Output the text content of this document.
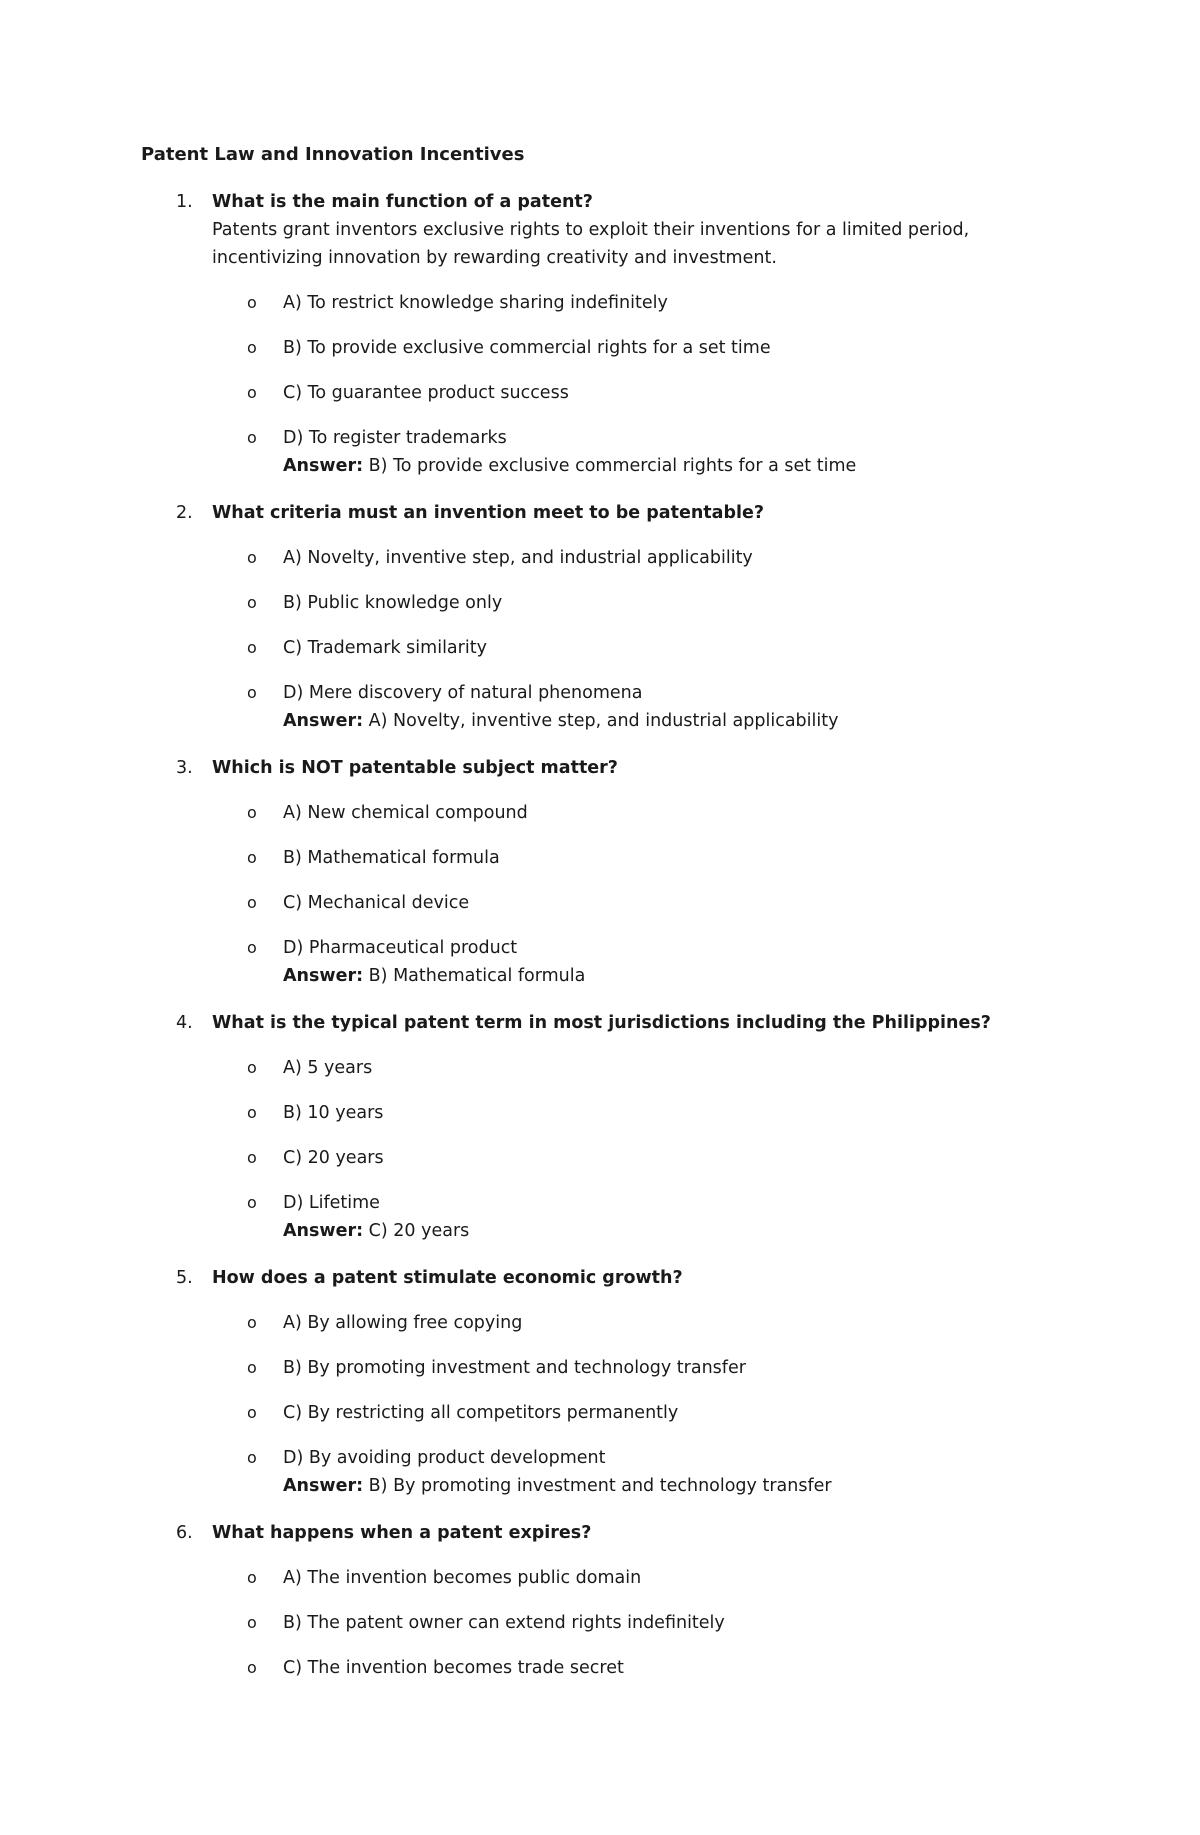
Patent Law and Innovation Incentives
1. What is the main function of a patent?

Patents grant inventors exclusive rights to exploit their inventions for a limited period, incentivizing innovation by rewarding creativity and investment.

o A) To restrict knowledge sharing indefinitely
o B) To provide exclusive commercial rights for a set time
o C) To guarantee product success
o D) To register trademarks
Answer: B) To provide exclusive commercial rights for a set time
2. What criteria must an invention meet to be patentable?
o A) Novelty, inventive step, and industrial applicability
o B) Public knowledge only
o C) Trademark similarity
o D) Mere discovery of natural phenomena
Answer: A) Novelty, inventive step, and industrial applicability
3. Which is NOT patentable subject matter?
o A) New chemical compound
o B) Mathematical formula
o C) Mechanical device
o D) Pharmaceutical product
Answer: B) Mathematical formula
4. What is the typical patent term in most jurisdictions including the Philippines?
o A) 5 years
o B) 10 years
o C) 20 years
o D) Lifetime
Answer: C) 20 years
5. How does a patent stimulate economic growth?
o A) By allowing free copying
o B) By promoting investment and technology transfer
o C) By restricting all competitors permanently
o D) By avoiding product development
Answer: B) By promoting investment and technology transfer
6. What happens when a patent expires?
o A) The invention becomes public domain
o B) The patent owner can extend rights indefinitely
o C) The invention becomes trade secret
